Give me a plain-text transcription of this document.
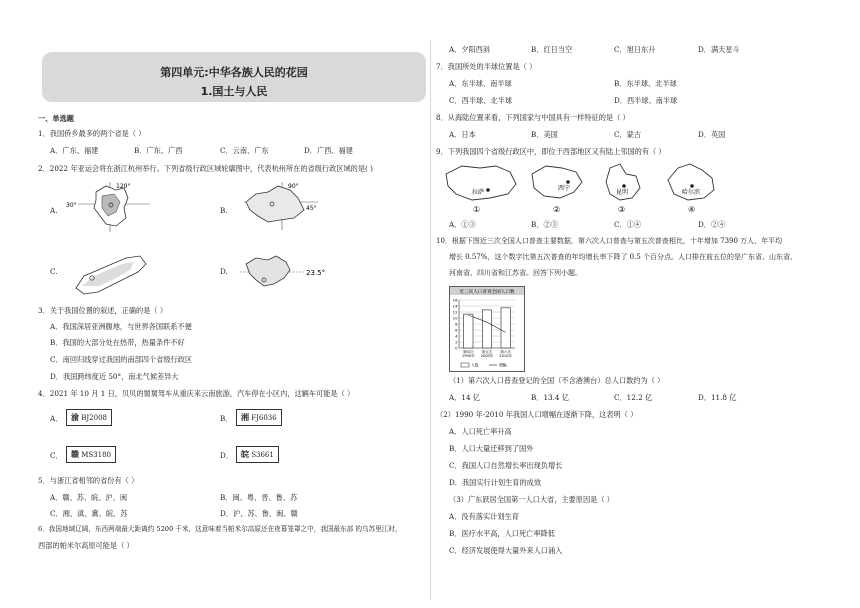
第四单元:中华各族人民的花园
1.国土与人民
一、单选题
1．我国侨乡最多的两个省是（ ）
A．广东、福建	B．广东、广西	C．云南、广东	D．广西、福建
2．2022 年亚运会将在浙江杭州举行。下列省级行政区域轮廓图中，代表杭州所在的省级行政区域的是( )
A.
120°
30°
B.
90°
45°
C.	D.	23.5°
3．关于我国位置的叙述，正确的是（ ）
A．我国深居亚洲腹地，与世界各国联系不便
B．我国的大部分处在热带，热量条件不好
C．南回归线穿过我国的南部四个省级行政区
D．我国跨纬度近 50°，南北气候差异大
4．2021 年 10 月 1 日，贝贝的舅舅驾车从重庆来云南旅游，汽车停在小区内，这辆车可能是（ ）
A．	渝 BJ2008	B．	湘 FJ6036
C．	赣 MS3180	D．	皖 S3661
5．与浙江省相邻的省份有（ ）
A．赣、苏、皖、沪、闽	B．闽、粤、晋、鲁、苏
C．湘、滇、冀、皖、苏	D．沪、苏、鲁、闽、赣
6．我国地域辽阔，东西两端最大距离约 5200 千米，这意味着当帕米尔高原还在夜幕笼罩之中，我国最东部 的乌苏里江时，
西部的帕米尔高原可能是（ ）
A．夕阳西斜	B．红日当空	C．旭日东升	D．满天星斗
7．我国所处的半球位置是（ ）
A．东半球、南半球	B．东半球、北半球
C．西半球、北半球	D．西半球、南半球
8．从海陆位置来看，下列国家与中国具有一样特征的是（ ）
A．日本	B．美国	C．蒙古	D．英国
9．下列我国四个省级行政区中，即位于西部地区又有陆上邻国的有（ ）
拉萨
①
西宁
②
昆明
③
哈尔滨
④
A．①③	B．②③	C．①④	D．②④
10．根据下图近三次全国人口普查主要数据，第六次人口普查与第五次普查相比，十年增加 7390 万人，年平均
增长 0.57%，这个数字比第五次普查的年均增长率下降了 0.5 个百分点。人口排在前五位的是广东省、山东省、
河南省、四川省和江苏省。回答下列小题。
近三次人口普查全国人口数
0
2
4
6
8
10
12
14
16
第四次
1990年
第五次
2000年
第六次
2010年
人数	增幅
（1）第六次人口普查登记的全国（不含港澳台）总人口数约为（ ）
A．14 亿	B．13.4 亿	C．12.2 亿	D．11.8 亿
（2）1990 年-2010 年我国人口增幅在逐渐下降，这表明（ ）
A．人口死亡率升高
B．人口大量迁移到了国外
C．我国人口自然增长率出现负增长
D．我国实行计划生育的成效
（3）广东跃居全国第一人口大省，主要原因是（ ）
A．没有落实计划生育
B．医疗水平高，人口死亡率降低
C．经济发展使得大量外来人口涌入
